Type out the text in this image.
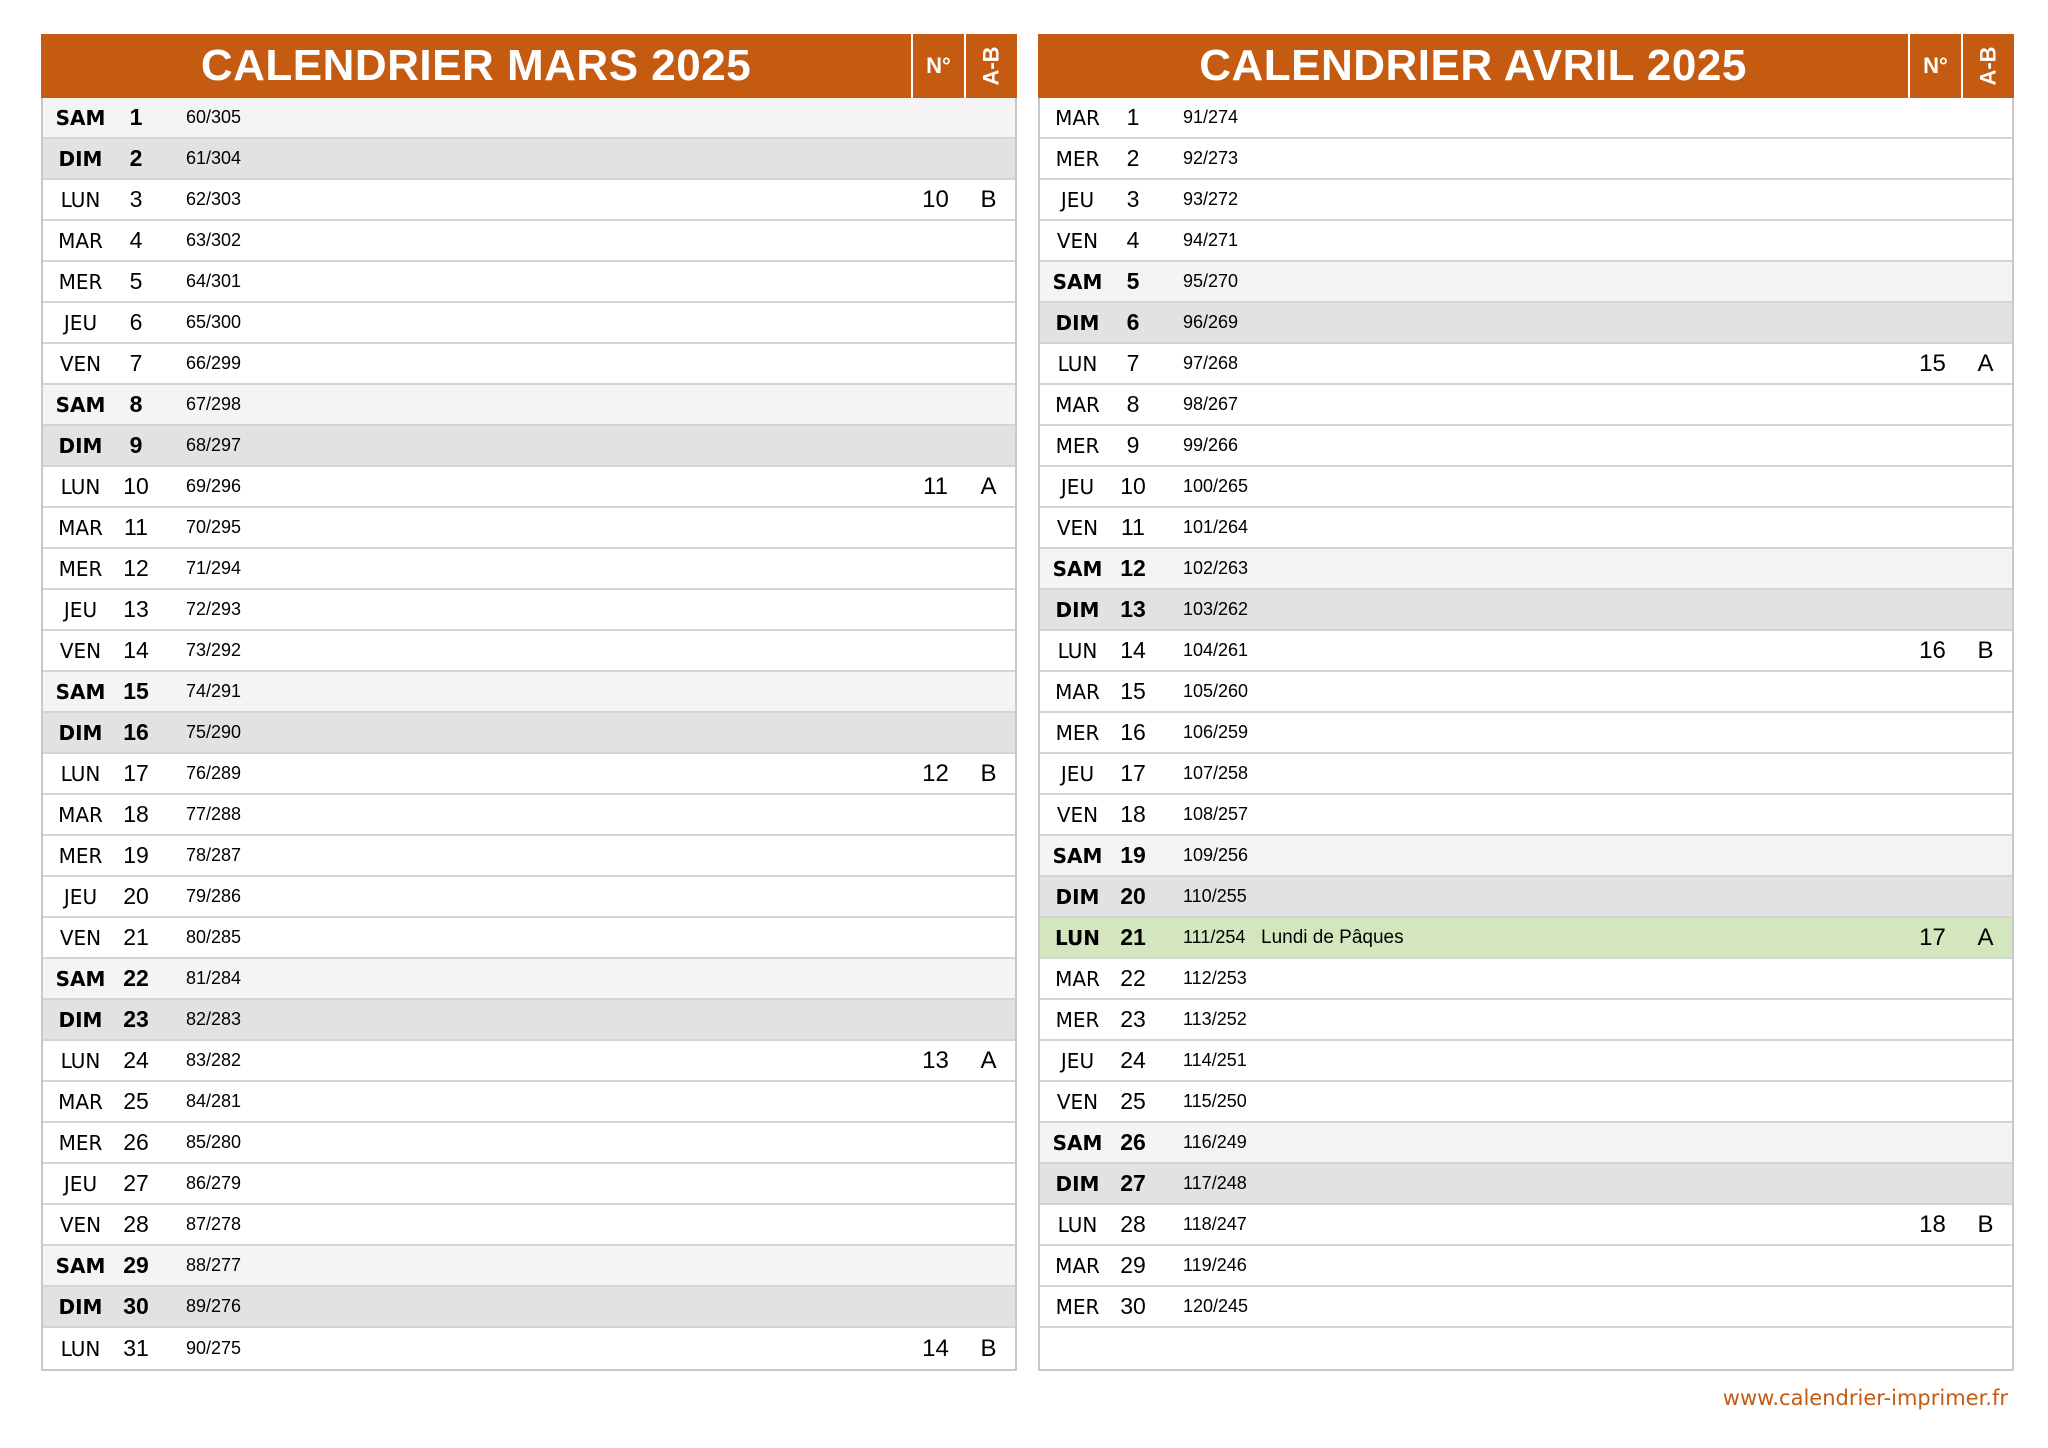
CALENDRIER MARS 2025	N°	A-B
SAM	1	60/305
DIM	2	61/304
LUN	3	62/303	10	B
MAR	4	63/302
MER	5	64/301
JEU	6	65/300
VEN	7	66/299
SAM	8	67/298
DIM	9	68/297
LUN 10	69/296	11	A
MAR 11	70/295
MER 12	71/294
JEU	13	72/293
VEN 14	73/292
SAM 15	74/291
DIM 16	75/290
LUN 17	76/289	12	B
MAR 18	77/288
MER 19	78/287
JEU	20	79/286
VEN 21	80/285
SAM 22	81/284
DIM 23	82/283
LUN 24	83/282	13	A
MAR 25	84/281
MER 26	85/280
JEU	27	86/279
VEN 28	87/278
SAM 29	88/277
DIM 30	89/276
LUN 31	90/275	14	B
CALENDRIER AVRIL 2025	N°	A-B
MAR	1	91/274
MER	2	92/273
JEU	3	93/272
VEN	4	94/271
SAM	5	95/270
DIM	6	96/269
LUN	7	97/268	15	A
MAR	8	98/267
MER	9	99/266
JEU	10	100/265
VEN 11	101/264
SAM 12	102/263
DIM 13	103/262
LUN 14	104/261	16	B
MAR 15	105/260
MER 16	106/259
JEU	17	107/258
VEN 18	108/257
SAM 19	109/256
DIM 20	110/255
LUN 21	111/254 Lundi de Pâques	17	A
MAR 22	112/253
MER 23	113/252
JEU	24	114/251
VEN 25	115/250
SAM 26	116/249
DIM 27	117/248
LUN 28	118/247	18	B
MAR 29	119/246
MER 30	120/245
www.calendrier-imprimer.fr
